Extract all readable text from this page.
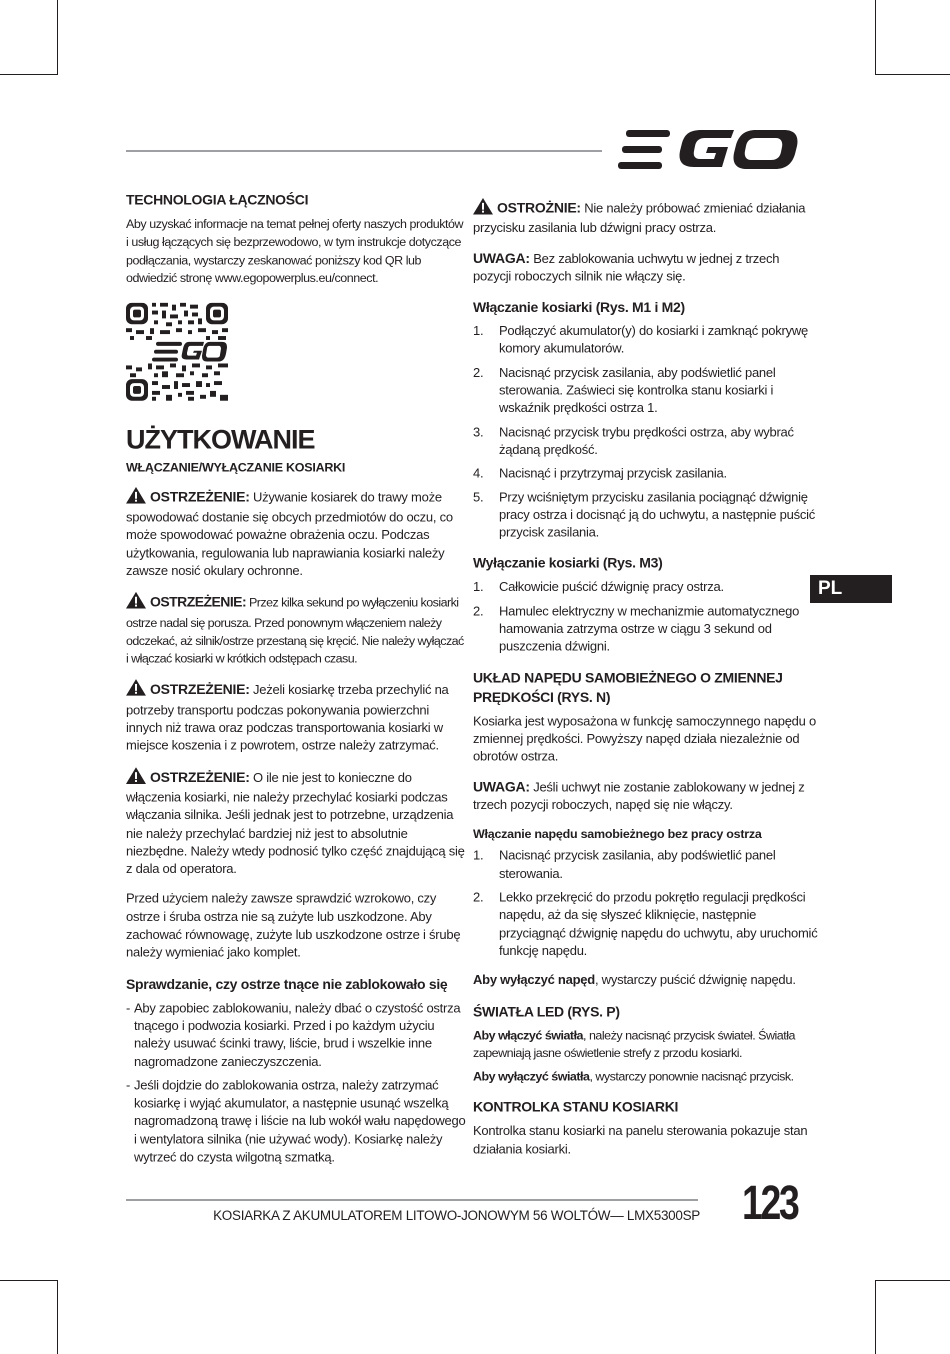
TECHNOLOGIA ŁĄCZNOŚCI

Aby uzyskać informacje na temat pełnej oferty naszych produktów i usług łączących się bezprzewodowo, w tym instrukcje dotyczące podłączania, wystarczy zeskanować poniższy kod QR lub odwiedzić stronę www.egopowerplus.eu/connect.

UŻYTKOWANIE
WŁĄCZANIE/WYŁĄCZANIE KOSIARKI

OSTRZEŻENIE: Używanie kosiarek do trawy może spowodować dostanie się obcych przedmiotów do oczu, co może spowodować poważne obrażenia oczu. Podczas użytkowania, regulowania lub naprawiania kosiarki należy zawsze nosić okulary ochronne.

OSTRZEŻENIE: Przez kilka sekund po wyłączeniu kosiarki ostrze nadal się porusza. Przed ponownym włączeniem należy odczekać, aż silnik/ostrze przestaną się kręcić. Nie należy wyłączać i włączać kosiarki w krótkich odstępach czasu.

OSTRZEŻENIE: Jeżeli kosiarkę trzeba przechylić na potrzeby transportu podczas pokonywania powierzchni innych niż trawa oraz podczas transportowania kosiarki w miejsce koszenia i z powrotem, ostrze należy zatrzymać.

OSTRZEŻENIE: O ile nie jest to konieczne do włączenia kosiarki, nie należy przechylać kosiarki podczas włączania silnika. Jeśli jednak jest to potrzebne, urządzenia nie należy przechylać bardziej niż jest to absolutnie niezbędne. Należy wtedy podnosić tylko część znajdującą się z dala od operatora.

Przed użyciem należy zawsze sprawdzić wzrokowo, czy ostrze i śruba ostrza nie są zużyte lub uszkodzone. Aby zachować równowagę, zużyte lub uszkodzone ostrze i śrubę należy wymieniać jako komplet.

Sprawdzanie, czy ostrze tnące nie zablokowało się
- Aby zapobiec zablokowaniu, należy dbać o czystość ostrza tnącego i podwozia kosiarki. Przed i po każdym użyciu należy usuwać ścinki trawy, liście, brud i wszelkie inne nagromadzone zanieczyszczenia.
- Jeśli dojdzie do zablokowania ostrza, należy zatrzymać kosiarkę i wyjąć akumulator, a następnie usunąć wszelką nagromadzoną trawę i liście na lub wokół wału napędowego i wentylatora silnika (nie używać wody). Kosiarkę należy wytrzeć do czysta wilgotną szmatką.

OSTROŻNIE: Nie należy próbować zmieniać działania przycisku zasilania lub dźwigni pracy ostrza.

UWAGA: Bez zablokowania uchwytu w jednej z trzech pozycji roboczych silnik nie włączy się.

Włączanie kosiarki (Rys. M1 i M2)
1. Podłączyć akumulator(y) do kosiarki i zamknąć pokrywę komory akumulatorów.
2. Nacisnąć przycisk zasilania, aby podświetlić panel sterowania. Zaświeci się kontrolka stanu kosiarki i wskaźnik prędkości ostrza 1.
3. Nacisnąć przycisk trybu prędkości ostrza, aby wybrać żądaną prędkość.
4. Nacisnąć i przytrzymaj przycisk zasilania.
5. Przy wciśniętym przycisku zasilania pociągnąć dźwignię pracy ostrza i docisnąć ją do uchwytu, a następnie puścić przycisk zasilania.
Wyłączanie kosiarki (Rys. M3)
1. Całkowicie puścić dźwignię pracy ostrza.
2. Hamulec elektryczny w mechanizmie automatycznego hamowania zatrzyma ostrze w ciągu 3 sekund od puszczenia dźwigni.
UKŁAD NAPĘDU SAMOBIEŻNEGO O ZMIENNEJ PRĘDKOŚCI (RYS. N)

Kosiarka jest wyposażona w funkcję samoczynnego napędu o zmiennej prędkości. Powyższy napęd działa niezależnie od obrotów ostrza.

UWAGA: Jeśli uchwyt nie zostanie zablokowany w jednej z trzech pozycji roboczych, napęd się nie włączy.

Włączanie napędu samobieżnego bez pracy ostrza
1. Nacisnąć przycisk zasilania, aby podświetlić panel sterowania.
2. Lekko przekręcić do przodu pokrętło regulacji prędkości napędu, aż da się słyszeć kliknięcie, następnie przyciągnąć dźwignię napędu do uchwytu, aby uruchomić funkcję napędu.

Aby wyłączyć napęd, wystarczy puścić dźwignię napędu.

ŚWIATŁA LED (RYS. P)

Aby włączyć światła, należy nacisnąć przycisk świateł. Światła zapewniają jasne oświetlenie strefy z przodu kosiarki.

Aby wyłączyć światła, wystarczy ponownie nacisnąć przycisk.

KONTROLKA STANU KOSIARKI

Kontrolka stanu kosiarki na panelu sterowania pokazuje stan działania kosiarki.

PL
KOSIARKA Z AKUMULATOREM LITOWO-JONOWYM 56 WOLTÓW— LMX5300SP 123
